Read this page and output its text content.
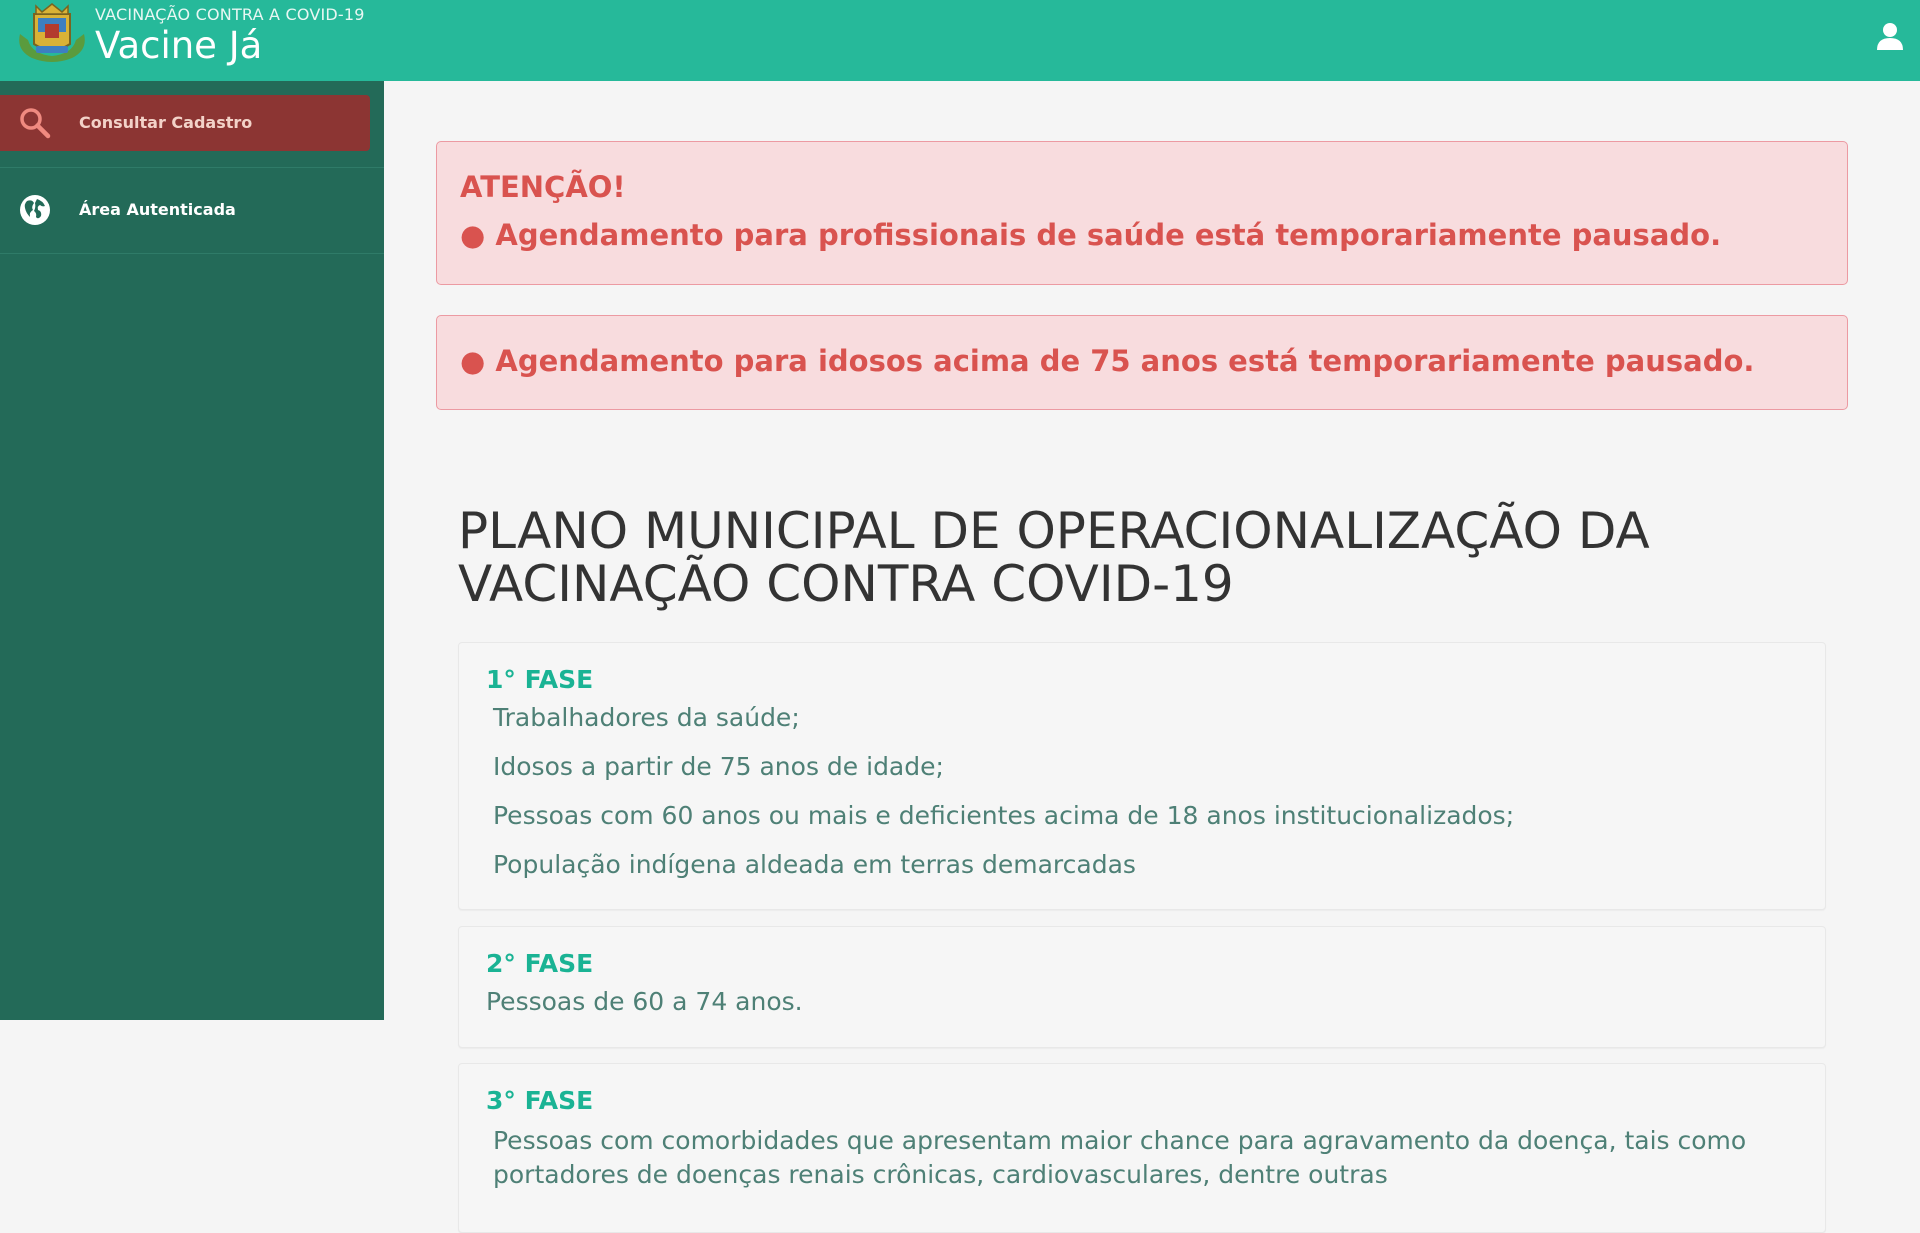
VACINAÇÃO CONTRA A COVID-19
Vacine Já
Consultar Cadastro
Área Autenticada
ATENÇÃO!
● Agendamento para profissionais de saúde está temporariamente pausado.
● Agendamento para idosos acima de 75 anos está temporariamente pausado.
PLANO MUNICIPAL DE OPERACIONALIZAÇÃO DA VACINAÇÃO CONTRA COVID-19
1° FASE
Trabalhadores da saúde;
Idosos a partir de 75 anos de idade;
Pessoas com 60 anos ou mais e deficientes acima de 18 anos institucionalizados;
População indígena aldeada em terras demarcadas
2° FASE
Pessoas de 60 a 74 anos.
3° FASE
Pessoas com comorbidades que apresentam maior chance para agravamento da doença, tais como portadores de doenças renais crônicas, cardiovasculares, dentre outras
